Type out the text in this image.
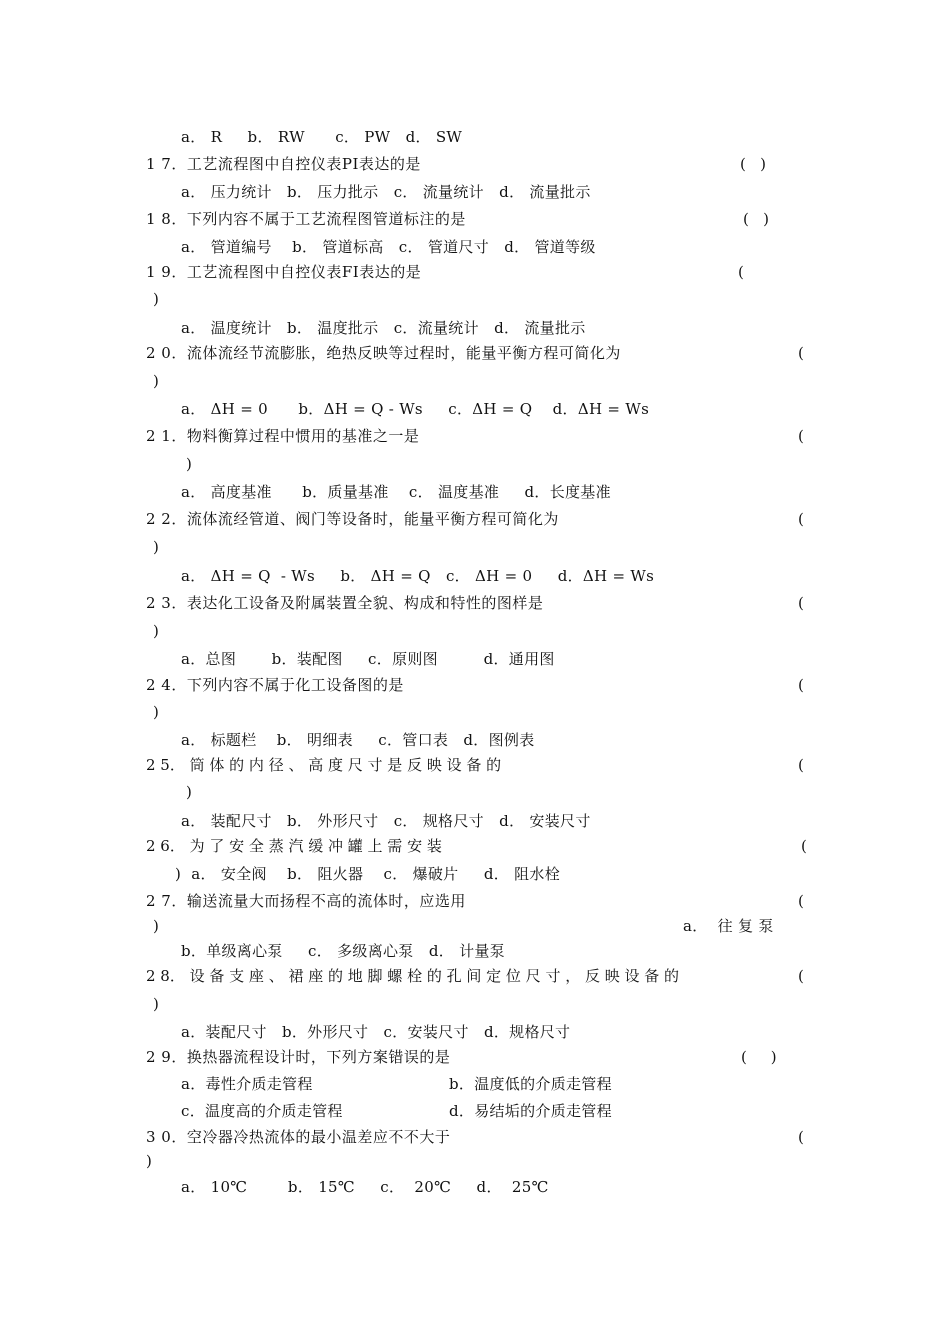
a． R     b． RW      c． PW   d． SW
1 7．工艺流程图中自控仪表PI表达的是	(   )
a． 压力统计   b． 压力批示   c． 流量统计   d． 流量批示
1 8．下列内容不属于工艺流程图管道标注的是	(   )
a． 管道编号    b． 管道标高   c． 管道尺寸   d． 管道等级
1 9．工艺流程图中自控仪表FI表达的是	(
)
a． 温度统计   b． 温度批示   c．流量统计   d． 流量批示
2 0．流体流经节流膨胀，绝热反映等过程时，能量平衡方程可简化为	(
)
a． ΔH = 0      b．ΔH = Q - Ws     c．ΔH = Q    d．ΔH = Ws
2 1．物料衡算过程中惯用的基准之一是	(
)
a． 高度基准      b．质量基准    c． 温度基准     d．长度基准
2 2．流体流经管道、阀门等设备时，能量平衡方程可简化为	(
)
a． ΔH = Q  - Ws     b． ΔH = Q   c． ΔH = 0     d．ΔH = Ws
2 3．表达化工设备及附属装置全貌、构成和特性的图样是	(
)
a．总图       b．装配图     c．原则图         d．通用图
2 4．下列内容不属于化工设备图的是	(
)
a． 标题栏    b． 明细表     c．管口表   d．图例表
2 5． 筒 体 的 内 径 、 高 度 尺 寸 是 反 映 设 备 的	(
)
a． 装配尺寸   b． 外形尺寸   c． 规格尺寸   d． 安装尺寸
2 6． 为 了 安 全 蒸 汽 缓 冲 罐 上 需 安 装	(
)  a． 安全阀    b． 阻火器    c． 爆破片     d． 阻水栓
2 7．输送流量大而扬程不高的流体时，应选用	(
)	a．  往 复 泵
b．单级离心泵     c． 多级离心泵   d． 计量泵
2 8． 设 备 支 座 、 裙 座 的 地 脚 螺 栓 的 孔 间 定 位 尺 寸 ， 反 映 设 备 的	(
)
a．装配尺寸   b．外形尺寸   c．安装尺寸   d．规格尺寸
2 9．换热器流程设计时，下列方案错误的是	(     )
a．毒性介质走管程	b．温度低的介质走管程
c．温度高的介质走管程	d．易结垢的介质走管程
3 0．空冷器冷热流体的最小温差应不不大于	(
)
a． 10℃        b． 15℃     c．  20℃     d．  25℃
